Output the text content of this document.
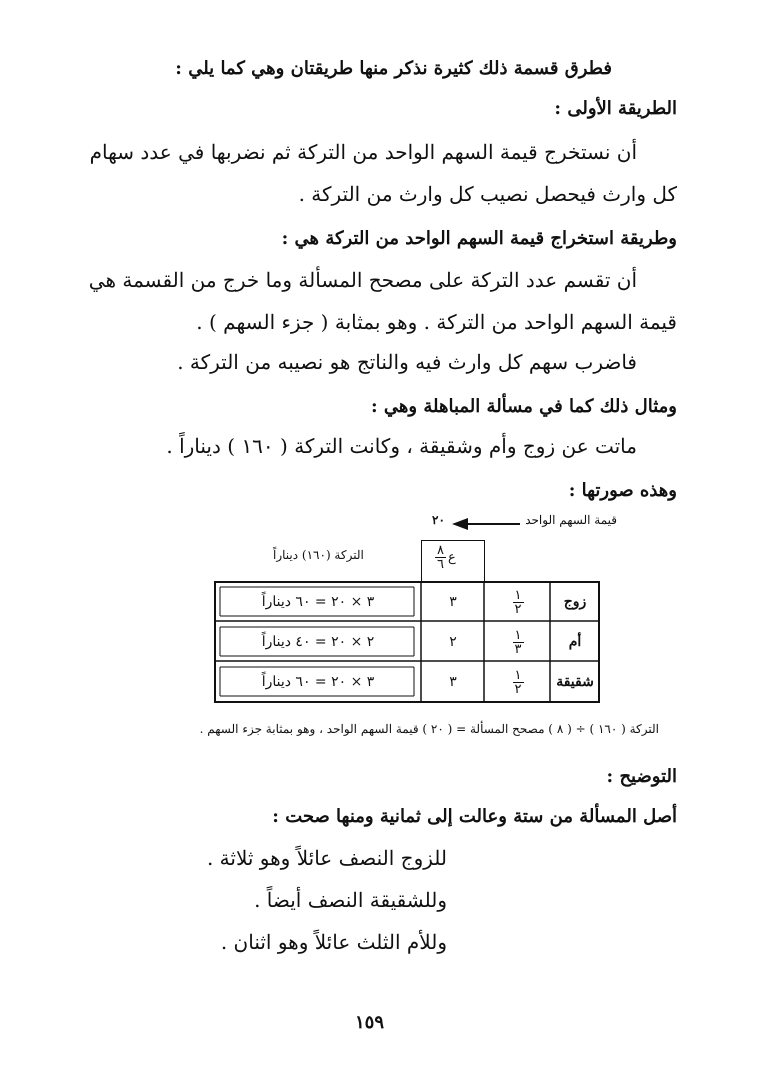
فطرق قسمة ذلك كثيرة نذكر منها طريقتان وهي كما يلي :
الطريقة الأولى :
أن نستخرج قيمة السهم الواحد من التركة ثم نضربها في عدد سهام
كل وارث فيحصل نصيب كل وارث من التركة .
وطريقة استخراج قيمة السهم الواحد من التركة هي :
أن تقسم عدد التركة على مصحح المسألة وما خرج من القسمة هي
قيمة السهم الواحد من التركة . وهو بمثابة ( جزء السهم ) .
فاضرب سهم كل وارث فيه والناتج هو نصيبه من التركة .
ومثال ذلك كما في مسألة المباهلة وهي :
ماتت عن زوج وأم وشقيقة ، وكانت التركة ( ١٦٠ ) ديناراً .
وهذه صورتها :
قيمة السهم الواحد
٢٠
التركة (١٦٠) ديناراً	ع
$\frac{٨}{٦}$
زوج
$\frac{١}{٢}$
٣
٣ × ٢٠ = ٦٠ ديناراً
أم
$\frac{١}{٣}$
٢
٢ × ٢٠ = ٤٠ ديناراً
شقيقة
$\frac{١}{٢}$
٣
٣ × ٢٠ = ٦٠ ديناراً
التركة ( ١٦٠ ) ÷ ( ٨ ) مصحح المسألة = ( ٢٠ ) قيمة السهم الواحد ، وهو بمثابة جزء السهم .
التوضيح :
أصل المسألة من ستة وعالت إلى ثمانية ومنها صحت :
للزوج النصف عائلاً وهو ثلاثة .
وللشقيقة النصف أيضاً .
وللأم الثلث عائلاً وهو اثنان .
١٥٩
